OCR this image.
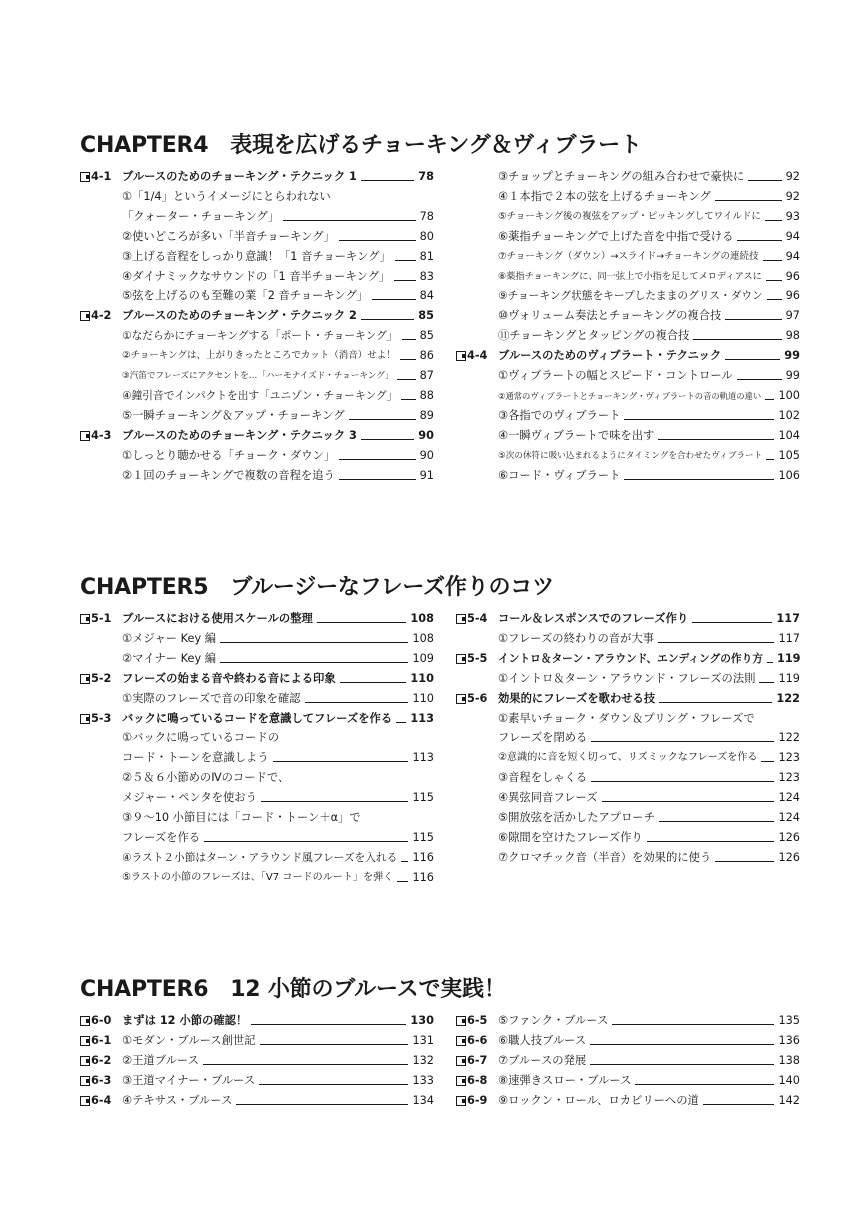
CHAPTER4　表現を広げるチョーキング＆ヴィブラート
4-1 ブルースのためのチョーキング・テクニック 1	78
①「1/4」というイメージにとらわれない
「クォーター・チョーキング」	78
②使いどころが多い「半音チョーキング」	80
③上げる音程をしっかり意識！「1 音チョーキング」	81
④ダイナミックなサウンドの「1 音半チョーキング」	83
⑤弦を上げるのも至難の業「2 音チョーキング」	84
4-2 ブルースのためのチョーキング・テクニック 2	85
①なだらかにチョーキングする「ポート・チョーキング」 85
②チョーキングは、上がりきったところでカット（消音）せよ！ 86
③汽笛でフレーズにアクセントを…「ハーモナイズド・チョーキング」 87
④鐘引音でインパクトを出す「ユニゾン・チョーキング」 88
⑤一瞬チョーキング＆アップ・チョーキング	89
4-3 ブルースのためのチョーキング・テクニック 3	90
①しっとり聴かせる「チョーク・ダウン」	90
②１回のチョーキングで複数の音程を追う	91
③チョップとチョーキングの組み合わせで豪快に	92
④１本指で２本の弦を上げるチョーキング	92
⑤チョーキング後の複弦をアップ・ピッキングしてワイルドに 93
⑥薬指チョーキングで上げた音を中指で受ける	94
⑦チョーキング（ダウン）→スライド→チョーキングの連続技 94
⑧薬指チョーキングに、同一弦上で小指を足してメロディアスに 96
⑨チョーキング状態をキープしたままのグリス・ダウン 96
⑩ヴォリューム奏法とチョーキングの複合技	97
⑪チョーキングとタッピングの複合技	98
4-4 ブルースのためのヴィブラート・テクニック	99
①ヴィブラートの幅とスピード・コントロール	99
②通常のヴィブラートとチョーキング・ヴィブラートの音の軌道の違い 100
③各指でのヴィブラート	102
④一瞬ヴィブラートで味を出す	104
⑤次の休符に吸い込まれるようにタイミングを合わせたヴィブラート 105
⑥コード・ヴィブラート	106
CHAPTER5　ブルージーなフレーズ作りのコツ
5-1 ブルースにおける使用スケールの整理	108
①メジャー Key 編	108
②マイナー Key 編	109
5-2 フレーズの始まる音や終わる音による印象	110
①実際のフレーズで音の印象を確認	110
5-3 バックに鳴っているコードを意識してフレーズを作る 113
①バックに鳴っているコードの
コード・トーンを意識しよう	113
②５＆６小節めのⅣのコードで、
メジャー・ペンタを使おう	115
③９～10 小節目には「コード・トーン＋α」で
フレーズを作る	115
④ラスト２小節はターン・アラウンド風フレーズを入れる 116
⑤ラストの小節のフレーズは、「Ⅴ7 コードのルート」を弾く 116
5-4 コール＆レスポンスでのフレーズ作り	117
①フレーズの終わりの音が大事	117
5-5 イントロ＆ターン・アラウンド、エンディングの作り方 119
①イントロ＆ターン・アラウンド・フレーズの法則 119
5-6 効果的にフレーズを歌わせる技	122
①素早いチョーク・ダウン＆プリング・フレーズで
フレーズを閉める	122
②意識的に音を短く切って、リズミックなフレーズを作る 123
③音程をしゃくる	123
④異弦同音フレーズ	124
⑤開放弦を活かしたアプローチ	124
⑥隙間を空けたフレーズ作り	126
⑦クロマチック音（半音）を効果的に使う	126
CHAPTER6　12 小節のブルースで実践！
6-0 まずは 12 小節の確認！	130
6-1 ①モダン・ブルース創世記	131
6-2 ②王道ブルース	132
6-3 ③王道マイナー・ブルース	133
6-4 ④テキサス・ブルース	134
6-5 ⑤ファンク・ブルース	135
6-6 ⑥職人技ブルース	136
6-7 ⑦ブルースの発展	138
6-8 ⑧速弾きスロー・ブルース	140
6-9 ⑨ロックン・ロール、ロカビリーへの道	142
